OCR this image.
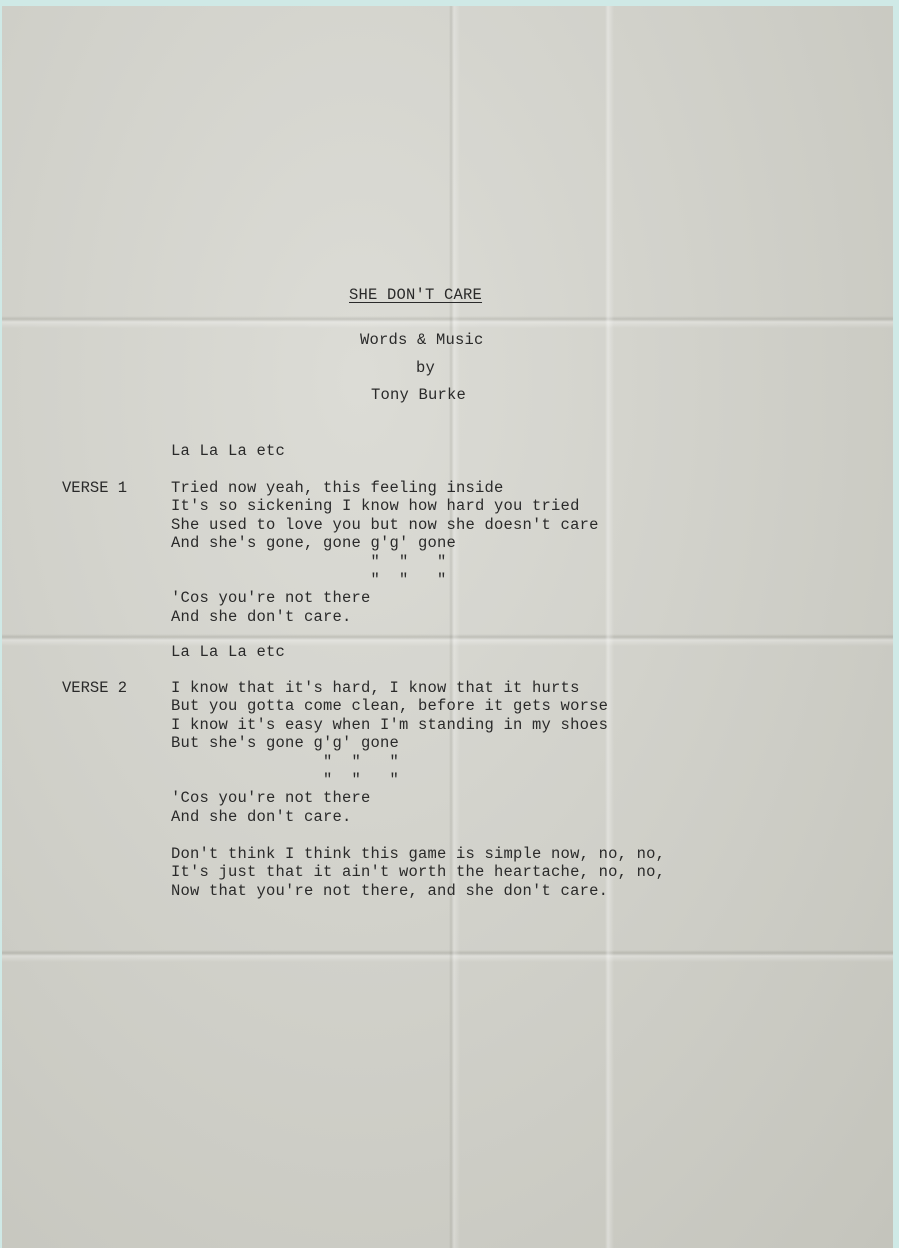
SHE DON'T CARE
Words & Music
by
Tony Burke
La La La etc
VERSE 1	Tried now yeah, this feeling inside
It's so sickening I know how hard you tried
She used to love you but now she doesn't care
And she's gone, gone g'g' gone
"  "   "
"  "   "
'Cos you're not there
And she don't care.
La La La etc
VERSE 2	I know that it's hard, I know that it hurts
But you gotta come clean, before it gets worse
I know it's easy when I'm standing in my shoes
But she's gone g'g' gone
"  "   "
"  "   "
'Cos you're not there
And she don't care.
Don't think I think this game is simple now, no, no,
It's just that it ain't worth the heartache, no, no,
Now that you're not there, and she don't care.
